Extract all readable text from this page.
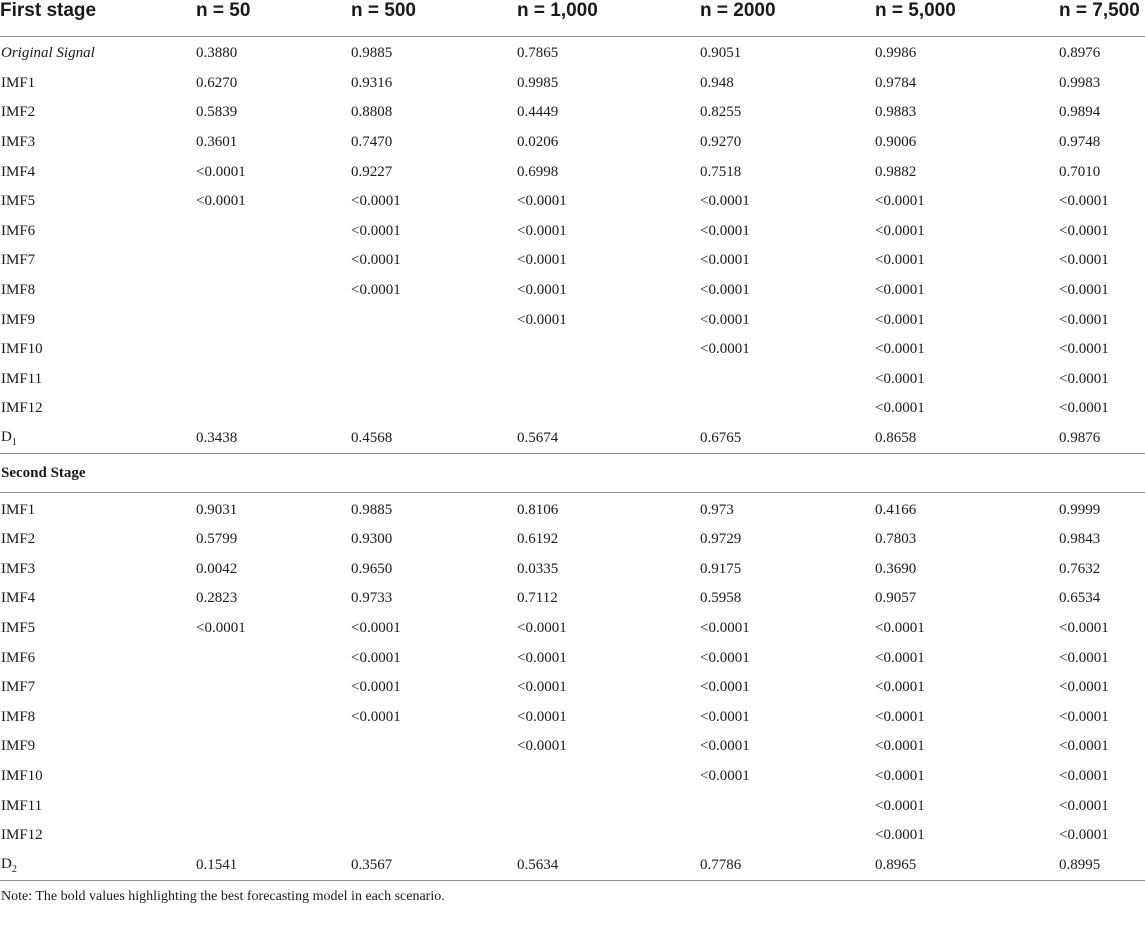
First stage	n = 50	n = 500	n = 1,000	n = 2000	n = 5,000	n = 7,500
Original Signal	0.3880	0.9885	0.7865	0.9051	0.9986	0.8976
IMF1	0.6270	0.9316	0.9985	0.948	0.9784	0.9983
IMF2	0.5839	0.8808	0.4449	0.8255	0.9883	0.9894
IMF3	0.3601	0.7470	0.0206	0.9270	0.9006	0.9748
IMF4	<0.0001	0.9227	0.6998	0.7518	0.9882	0.7010
IMF5	<0.0001	<0.0001	<0.0001	<0.0001	<0.0001	<0.0001
IMF6		<0.0001	<0.0001	<0.0001	<0.0001	<0.0001
IMF7		<0.0001	<0.0001	<0.0001	<0.0001	<0.0001
IMF8		<0.0001	<0.0001	<0.0001	<0.0001	<0.0001
IMF9			<0.0001	<0.0001	<0.0001	<0.0001
IMF10				<0.0001	<0.0001	<0.0001
IMF11					<0.0001	<0.0001
IMF12					<0.0001	<0.0001
$D_1$	0.3438	0.4568	0.5674	0.6765	0.8658	0.9876
Second Stage						
IMF1	0.9031	0.9885	0.8106	0.973	0.4166	0.9999
IMF2	0.5799	0.9300	0.6192	0.9729	0.7803	0.9843
IMF3	0.0042	0.9650	0.0335	0.9175	0.3690	0.7632
IMF4	0.2823	0.9733	0.7112	0.5958	0.9057	0.6534
IMF5	<0.0001	<0.0001	<0.0001	<0.0001	<0.0001	<0.0001
IMF6		<0.0001	<0.0001	<0.0001	<0.0001	<0.0001
IMF7		<0.0001	<0.0001	<0.0001	<0.0001	<0.0001
IMF8		<0.0001	<0.0001	<0.0001	<0.0001	<0.0001
IMF9			<0.0001	<0.0001	<0.0001	<0.0001
IMF10				<0.0001	<0.0001	<0.0001
IMF11					<0.0001	<0.0001
IMF12					<0.0001	<0.0001
$D_2$	0.1541	0.3567	0.5634	0.7786	0.8965	0.8995
Note: The bold values highlighting the best forecasting model in each scenario.
